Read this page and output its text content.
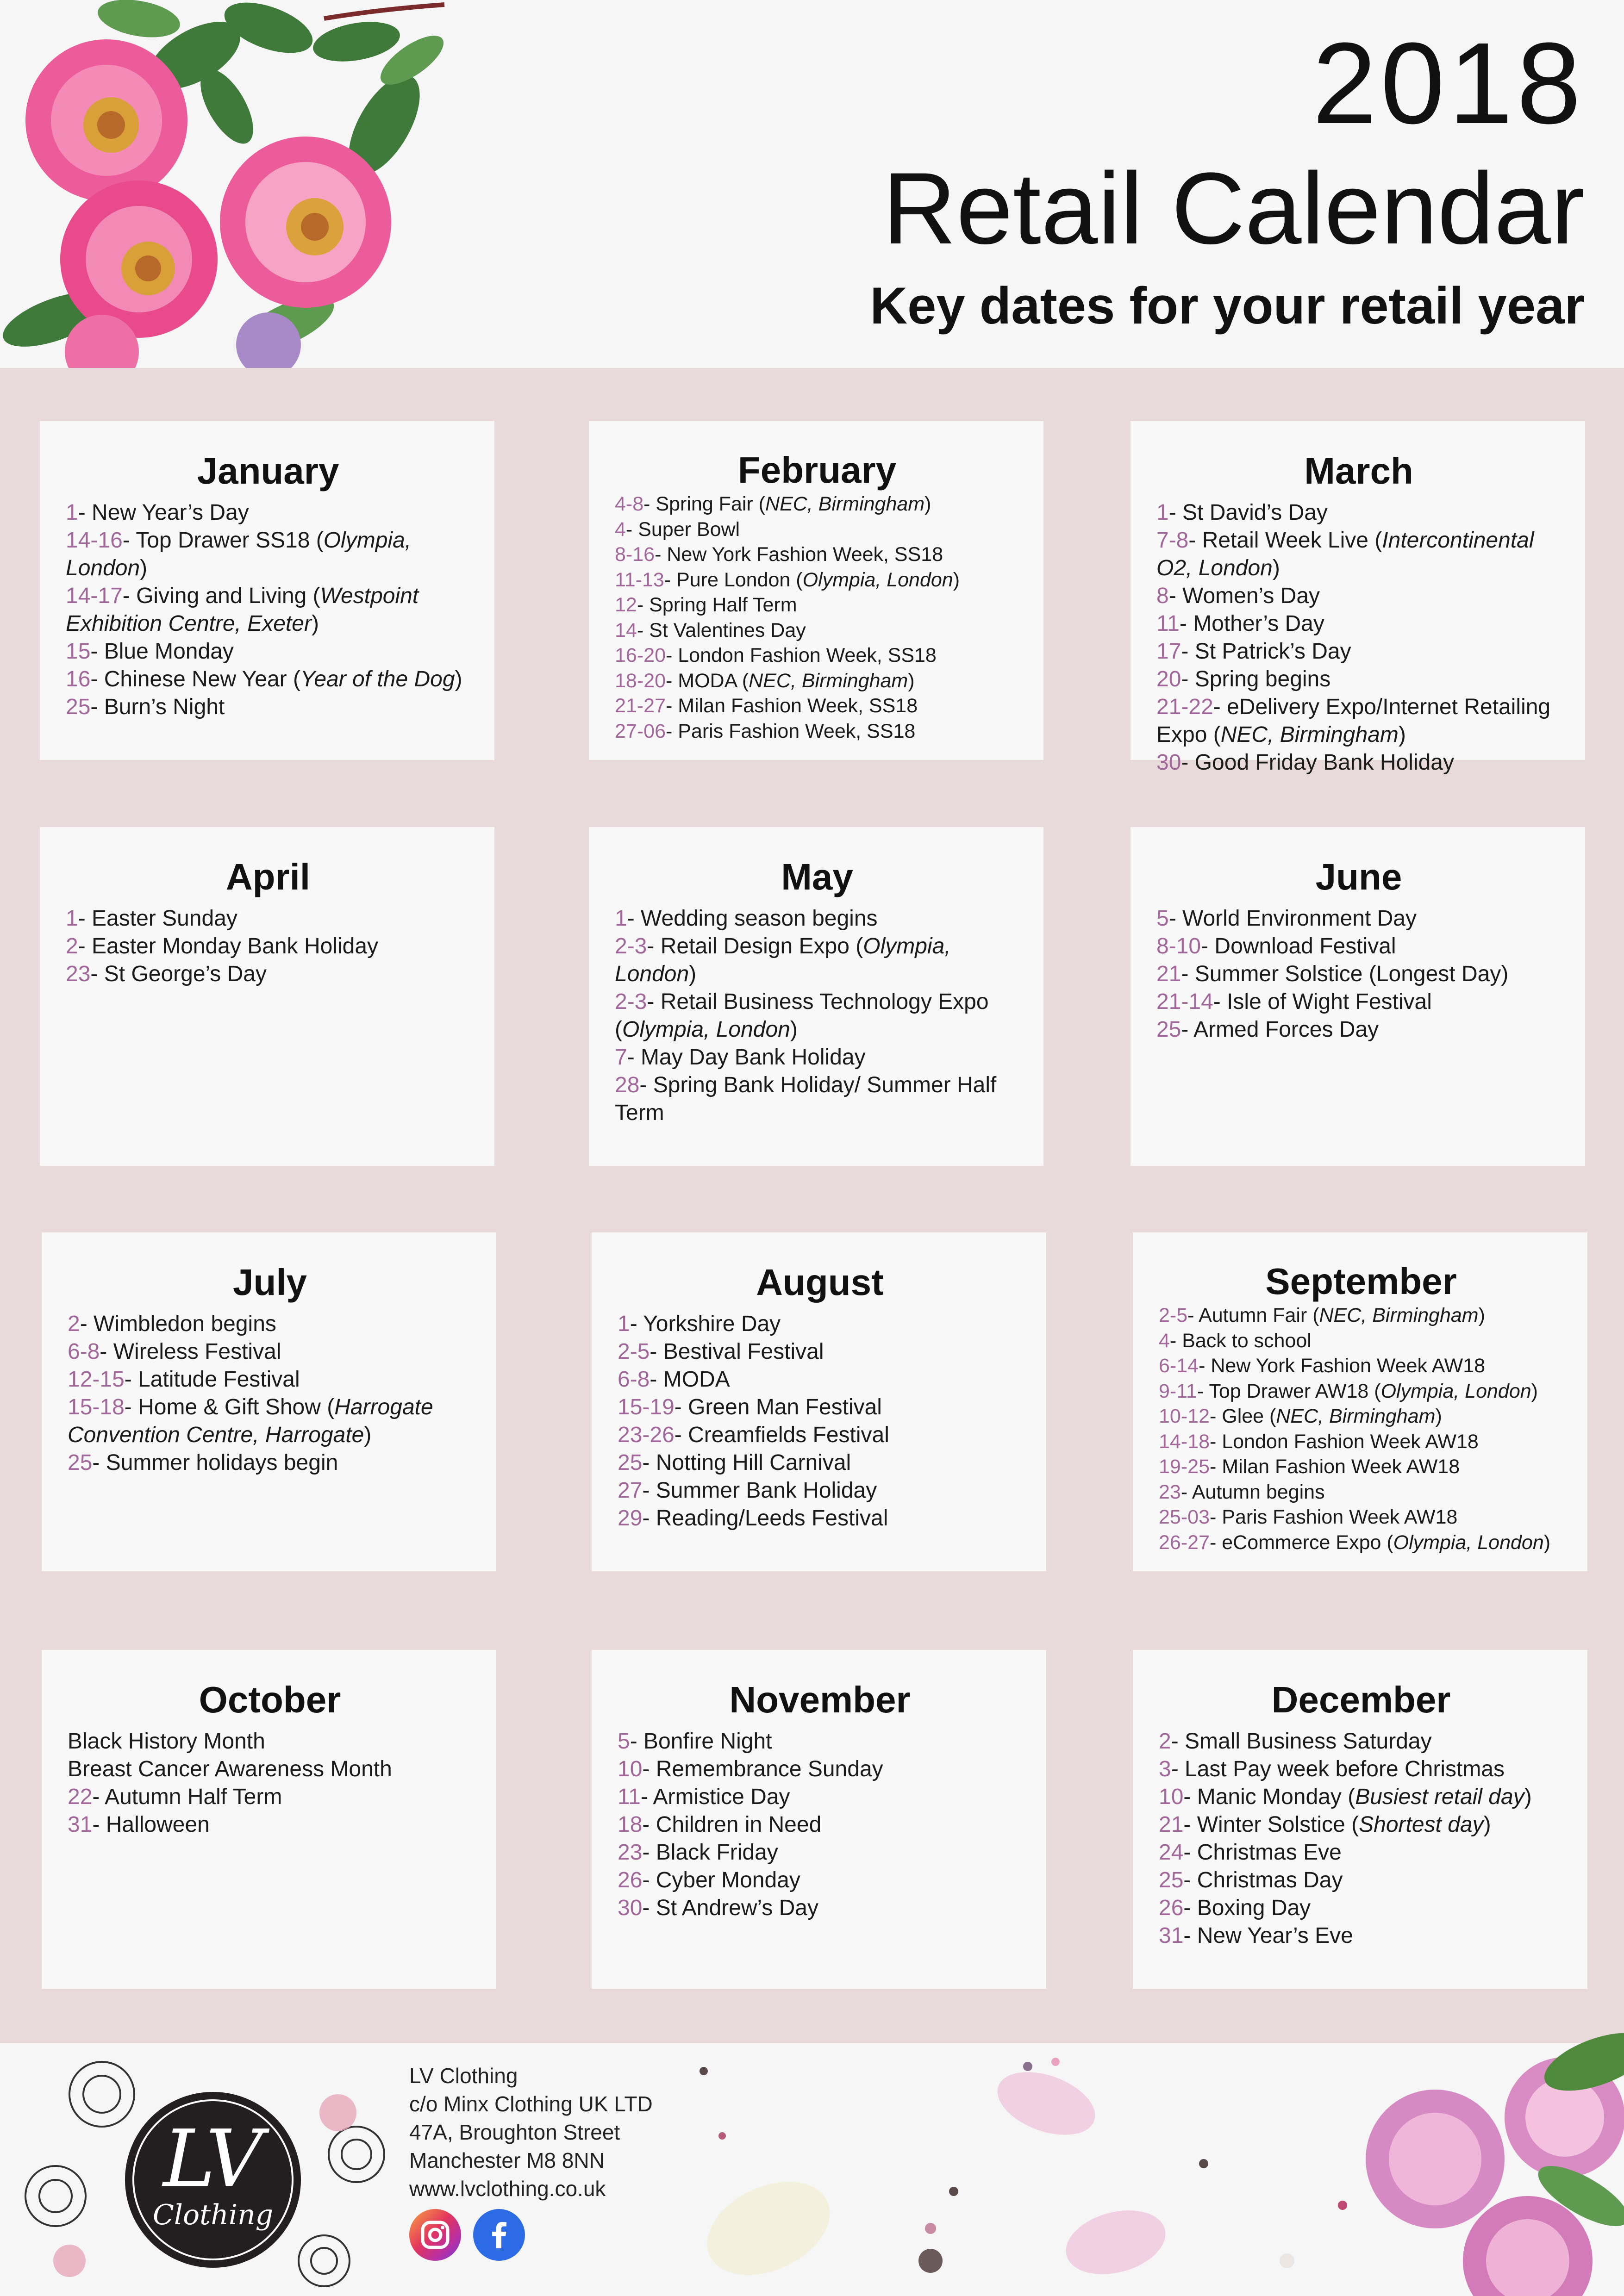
2018
Retail Calendar
Key dates for your retail year
January
1- New Year’s Day
14-16- Top Drawer SS18 (Olympia, London)
14-17- Giving and Living (Westpoint Exhibition Centre, Exeter)
15- Blue Monday
16- Chinese New Year (Year of the Dog)
25- Burn’s Night
February
4-8- Spring Fair (NEC, Birmingham)
4- Super Bowl
8-16- New York Fashion Week, SS18
11-13- Pure London (Olympia, London)
12- Spring Half Term
14- St Valentines Day
16-20- London Fashion Week, SS18
18-20- MODA (NEC, Birmingham)
21-27- Milan Fashion Week, SS18
27-06- Paris Fashion Week, SS18
March
1- St David’s Day
7-8- Retail Week Live (Intercontinental O2, London)
8- Women’s Day
11- Mother’s Day
17- St Patrick’s Day
20- Spring begins
21-22- eDelivery Expo/Internet Retailing Expo (NEC, Birmingham)
30- Good Friday Bank Holiday
April
1- Easter Sunday
2- Easter Monday Bank Holiday
23- St George’s Day
May
1- Wedding season begins
2-3- Retail Design Expo (Olympia, London)
2-3- Retail Business Technology Expo (Olympia, London)
7- May Day Bank Holiday
28- Spring Bank Holiday/ Summer Half Term
June
5- World Environment Day
8-10- Download Festival
21- Summer Solstice (Longest Day)
21-14- Isle of Wight Festival
25- Armed Forces Day
July
2- Wimbledon begins
6-8- Wireless Festival
12-15- Latitude Festival
15-18- Home & Gift Show (Harrogate Convention Centre, Harrogate)
25- Summer holidays begin
August
1- Yorkshire Day
2-5- Bestival Festival
6-8- MODA
15-19- Green Man Festival
23-26- Creamfields Festival
25- Notting Hill Carnival
27- Summer Bank Holiday
29- Reading/Leeds Festival
September
2-5- Autumn Fair (NEC, Birmingham)
4- Back to school
6-14- New York Fashion Week AW18
9-11- Top Drawer AW18 (Olympia, London)
10-12- Glee (NEC, Birmingham)
14-18- London Fashion Week AW18
19-25- Milan Fashion Week AW18
23- Autumn begins
25-03- Paris Fashion Week AW18
26-27- eCommerce Expo (Olympia, London)
October
Black History Month
Breast Cancer Awareness Month
22- Autumn Half Term
31- Halloween
November
5- Bonfire Night
10- Remembrance Sunday
11- Armistice Day
18- Children in Need
23- Black Friday
26- Cyber Monday
30- St Andrew’s Day
December
2- Small Business Saturday
3- Last Pay week before Christmas
10- Manic Monday (Busiest retail day)
21- Winter Solstice (Shortest day)
24- Christmas Eve
25- Christmas Day
26- Boxing Day
31- New Year’s Eve
LV
Clothing
LV Clothing
c/o Minx Clothing UK LTD
47A, Broughton Street
Manchester M8 8NN
www.lvclothing.co.uk
